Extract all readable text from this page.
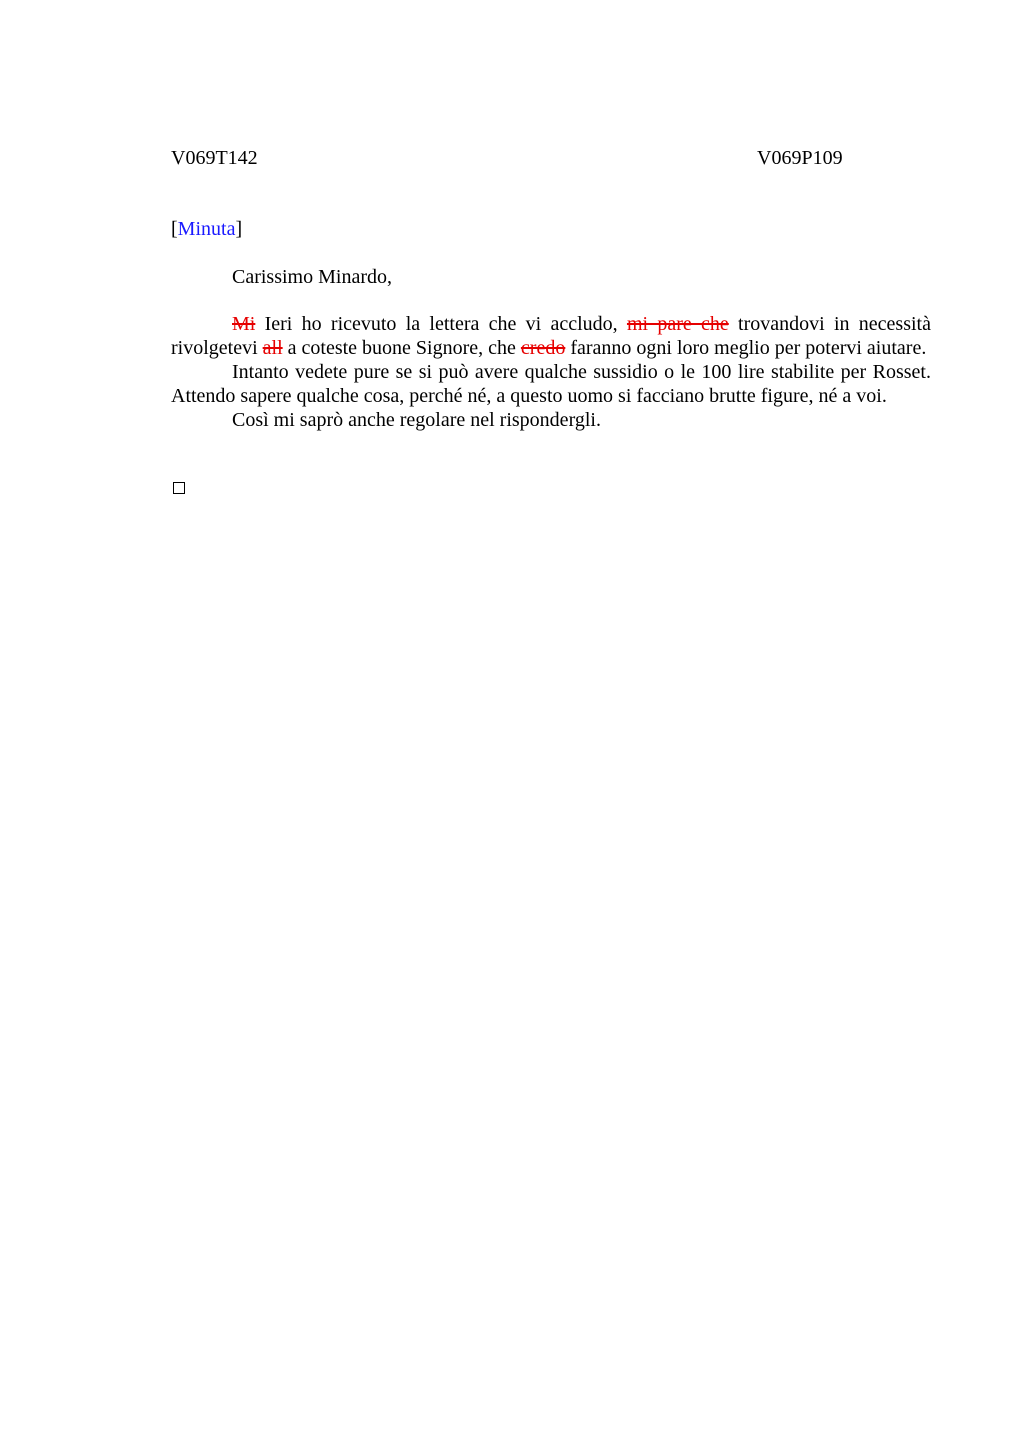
V069T142	V069P109
[Minuta]
Carissimo Minardo,

Mi Ieri ho ricevuto la lettera che vi accludo, mi pare che trovandovi in necessità rivolgetevi all a coteste buone Signore, che credo faranno ogni loro meglio per potervi aiutare.

Intanto vedete pure se si può avere qualche sussidio o le 100 lire stabilite per Rosset. Attendo sapere qualche cosa, perché né, a questo uomo si facciano brutte figure, né a voi.

Così mi saprò anche regolare nel rispondergli.
